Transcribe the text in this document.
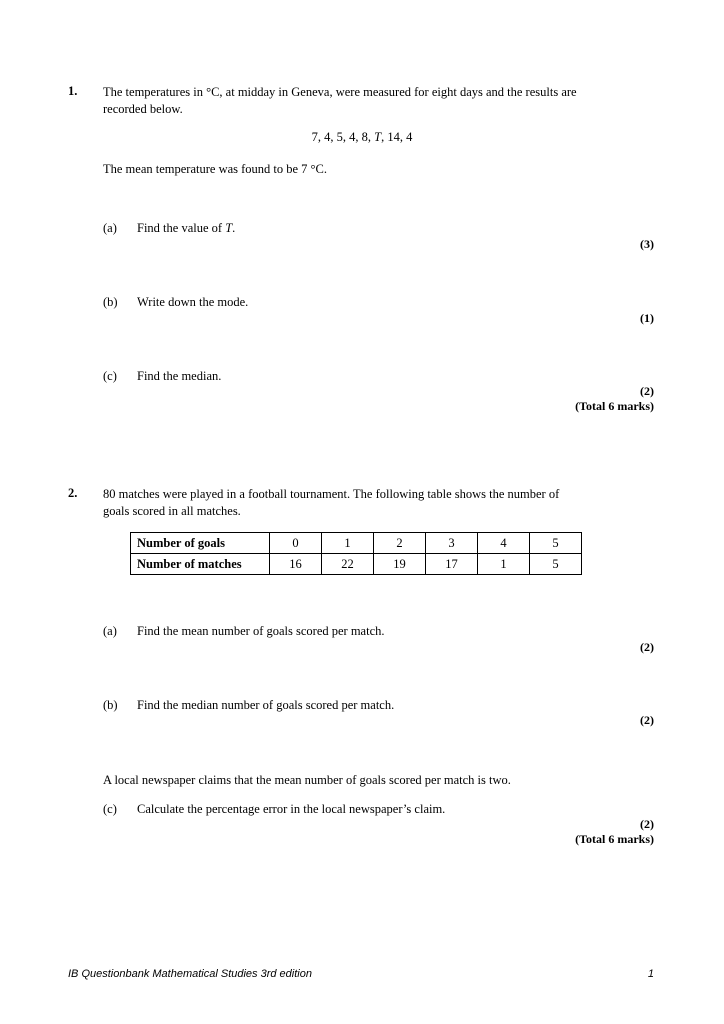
1. The temperatures in °C, at midday in Geneva, were measured for eight days and the results are
recorded below.
7, 4, 5, 4, 8, T, 14, 4
The mean temperature was found to be 7 °C.
(a) Find the value of T.
(3)
(b) Write down the mode.
(1)
(c) Find the median.
(2)
(Total 6 marks)
2. 80 matches were played in a football tournament. The following table shows the number of
goals scored in all matches.
Number of goals	0	1	2	3	4	5
Number of matches	16	22	19	17	1	5
(a) Find the mean number of goals scored per match.
(2)
(b) Find the median number of goals scored per match.
(2)
A local newspaper claims that the mean number of goals scored per match is two.
(c) Calculate the percentage error in the local newspaper’s claim.
(2)
(Total 6 marks)
IB Questionbank Mathematical Studies 3rd edition	1
